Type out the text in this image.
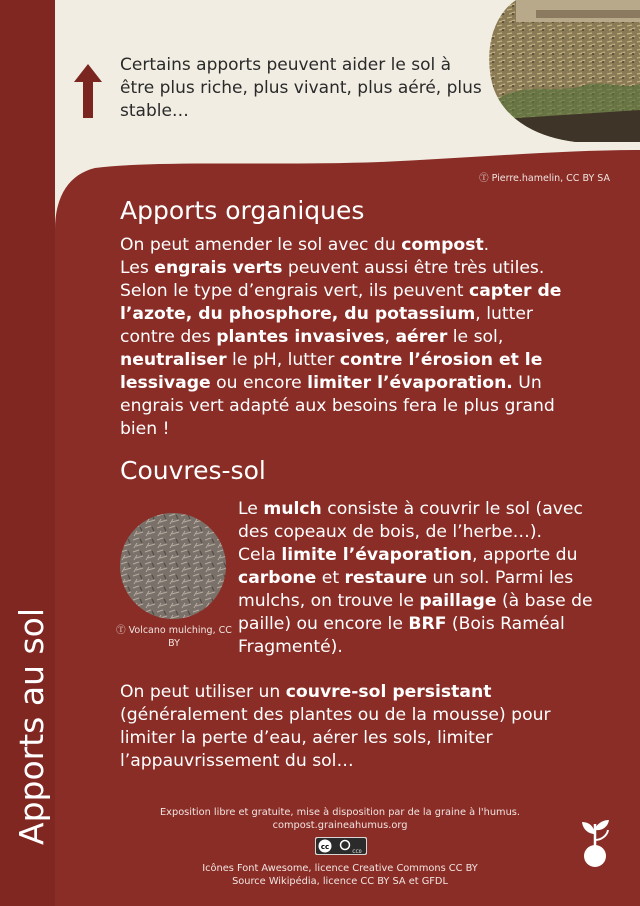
Certains apports peuvent aider le sol à être plus riche, plus vivant, plus aéré, plus stable…
Ⓣ Pierre.hamelin, CC BY SA
Apports organiques
On peut amender le sol avec du compost.
Les engrais verts peuvent aussi être très utiles.
Selon le type d’engrais vert, ils peuvent capter de l’azote, du phosphore, du potassium, lutter contre des plantes invasives, aérer le sol, neutraliser le pH, lutter contre l’érosion et le lessivage ou encore limiter l’évaporation. Un engrais vert adapté aux besoins fera le plus grand bien !
Couvres-sol
Ⓣ Volcano mulching, CC BY
Le mulch consiste à couvrir le sol (avec des copeaux de bois, de l’herbe…).
Cela limite l’évaporation, apporte du carbone et restaure un sol. Parmi les mulchs, on trouve le paillage (à base de paille) ou encore le BRF (Bois Raméal Fragmenté).
On peut utiliser un couvre-sol persistant (généralement des plantes ou de la mousse) pour limiter la perte d’eau, aérer les sols, limiter l’appauvrissement du sol…
Apports au sol	Exposition libre et gratuite, mise à disposition par de la graine à l'humus.
compost.graineahumus.org
cc
CC0
Icônes Font Awesome, licence Creative Commons CC BY
Source Wikipédia, licence CC BY SA et GFDL
